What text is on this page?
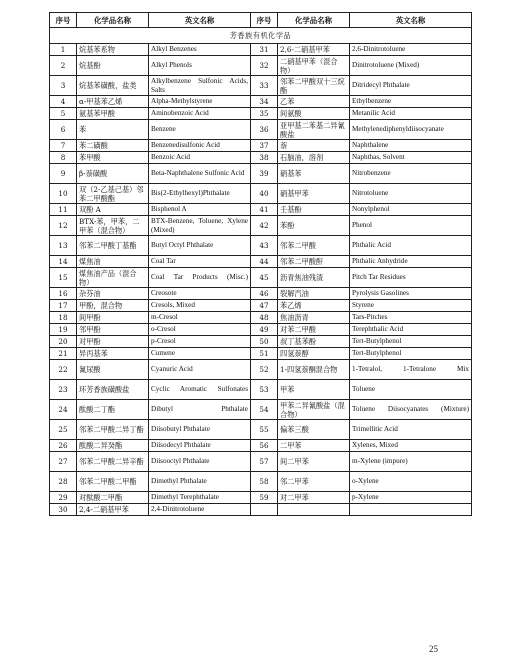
序号	化学品名称	英文名称	序号	化学品名称	英文名称
芳香族有机化学品					
1	烷基苯系物	Alkyl Benzenes	31	2,6-二硝基甲苯	2,6-Dinitrotoluene
2	烷基酚	Alkyl Phenols	32	二硝基甲苯（混合物）	Dinitrotoluene (Mixed)
3	烷基苯磺酸，盐类	Alkylbenzene Sulfonic Acids, Salts	33	邻苯二甲酸双十三烷酯	Ditridecyl Phthalate
4	α-甲基苯乙烯	Alpha-Methylstyrene	34	乙苯	Ethylbenzene
5	氨基苯甲酸	Aminobenzoic Acid	35	间氨酸	Metanilic Acid
6	苯	Benzene	36	亚甲基二苯基二异氰酸盐	Methylenediphenyldiisocyanate
7	苯二磺酸	Benzenedisulfonic Acid	37	萘	Naphthalene
8	苯甲酸	Benzoic Acid	38	石脑油，溶剂	Naphthas, Solvent
9	β-萘磺酸	Beta-Naphthalene Sulfonic Acid	39	硝基苯	Nitrobenzene
10	双（2-乙基己基）邻苯二甲酸酯	Bis(2-Ethylhexyl)Phthalate	40	硝基甲苯	Nitrotoluene
11	双酚 A	Bisphenol A	41	壬基酚	Nonylphenol
12	BTX-苯，甲苯，二甲苯（混合物）	BTX-Benzene, Toluene, Xylene (Mixed)	42	苯酚	Phenol
13	邻苯二甲酸丁基酯	Butyl Octyl Phthalate	43	邻苯二甲酸	Phthalic Acid
14	煤焦油	Coal Tar	44	邻苯二甲酸酐	Phthalic Anhydride
15	煤焦油产品（混合物）	Coal Tar Products (Misc.)	45	沥青焦油残渣	Pitch Tar Residues
16	杂芬油	Creosote	46	裂解汽油	Pyrolysis Gasolines
17	甲酚，混合物	Cresols, Mixed	47	苯乙烯	Styrene
18	间甲酚	m-Cresol	48	焦油沥青	Tars-Pitches
19	邻甲酚	o-Cresol	49	对苯二甲酸	Terephthalic Acid
20	对甲酚	p-Cresol	50	叔丁基苯酚	Tert-Butylphenol
21	异丙基苯	Cumene	51	四氢萘醇	Tert-Butylphenol
22	氰尿酸	Cyanuric Acid	52	1-四氢萘酮混合物	1-Tetralol, 1-Tetralone Mix
23	环芳香族磺酸盐	Cyclic Aromatic Sulfonates	53	甲苯	Toluene
24	酞酸二丁酯	Dibutyl Phthalate	54	甲苯二异氰酸盐（混合物）	Toluene Diisocyanates (Mixture)
25	邻苯二甲酸二异丁酯	Diisobutyl Phthalate	55	偏苯三酸	Trimellitic Acid
26	酞酸二异癸酯	Diisodecyl Phthalate	56	二甲苯	Xylenes, Mixed
27	邻苯二甲酸二异辛酯	Diisooctyl Phthalate	57	间二甲苯	m-Xylene (impure)
28	邻苯二甲酸二甲酯	Dimethyl Phthalate	58	邻二甲苯	o-Xylene
29	对酞酸二甲酯	Dimethyl Terephthalate	59	对二甲苯	p-Xylene
30	2,4-二硝基甲苯	2,4-Dinitrotoluene			
25
